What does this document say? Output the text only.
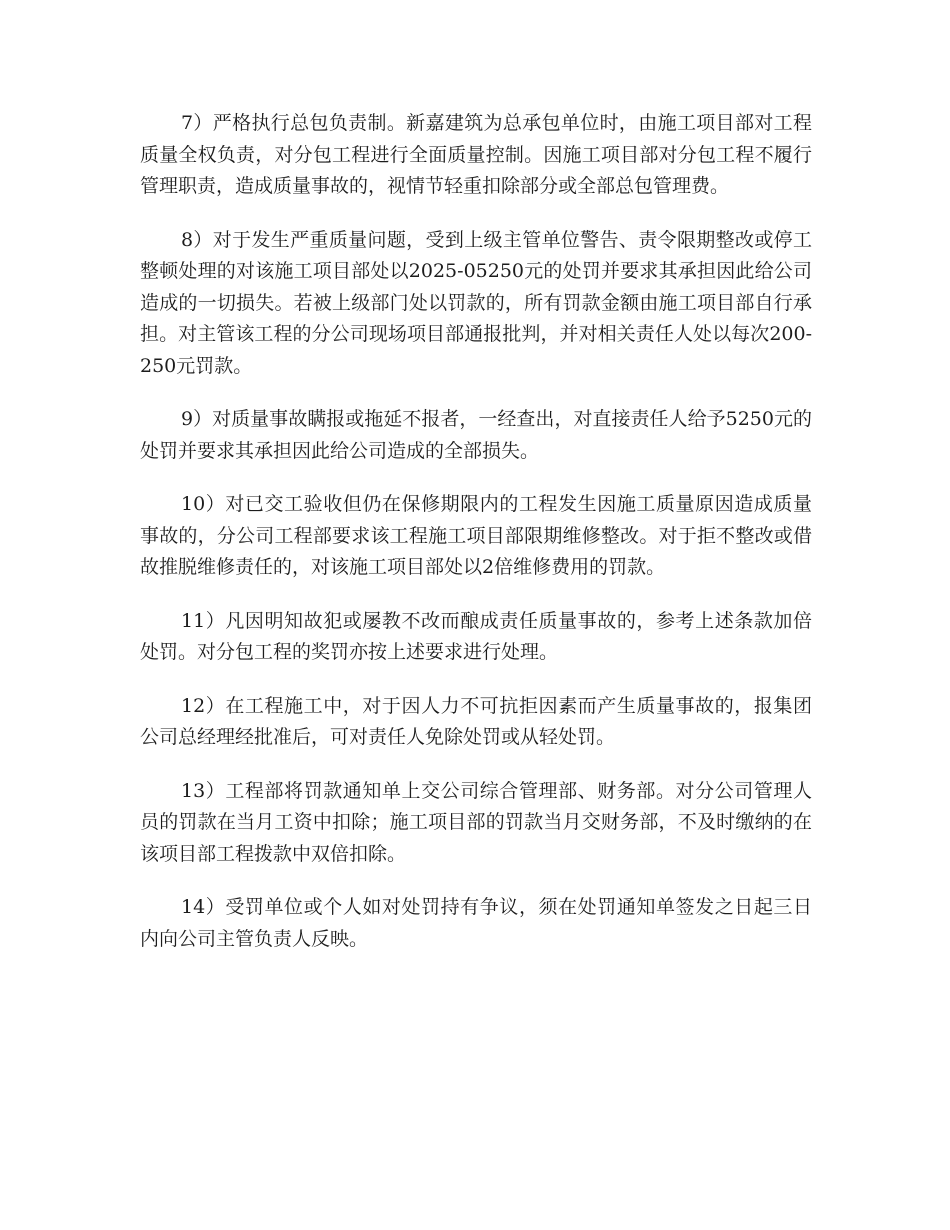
7）严格执行总包负责制。新嘉建筑为总承包单位时，由施工项目部对工程质量全权负责，对分包工程进行全面质量控制。因施工项目部对分包工程不履行管理职责，造成质量事故的，视情节轻重扣除部分或全部总包管理费。

8）对于发生严重质量问题，受到上级主管单位警告、责令限期整改或停工整顿处理的对该施工项目部处以2025-05250元的处罚并要求其承担因此给公司造成的一切损失。若被上级部门处以罚款的，所有罚款金额由施工项目部自行承担。对主管该工程的分公司现场项目部通报批判，并对相关责任人处以每次200-250元罚款。

9）对质量事故瞒报或拖延不报者，一经查出，对直接责任人给予5250元的处罚并要求其承担因此给公司造成的全部损失。

10）对已交工验收但仍在保修期限内的工程发生因施工质量原因造成质量事故的，分公司工程部要求该工程施工项目部限期维修整改。对于拒不整改或借故推脱维修责任的，对该施工项目部处以2倍维修费用的罚款。

11）凡因明知故犯或屡教不改而酿成责任质量事故的，参考上述条款加倍处罚。对分包工程的奖罚亦按上述要求进行处理。

12）在工程施工中，对于因人力不可抗拒因素而产生质量事故的，报集团公司总经理经批准后，可对责任人免除处罚或从轻处罚。

13）工程部将罚款通知单上交公司综合管理部、财务部。对分公司管理人员的罚款在当月工资中扣除；施工项目部的罚款当月交财务部，不及时缴纳的在该项目部工程拨款中双倍扣除。

14）受罚单位或个人如对处罚持有争议，须在处罚通知单签发之日起三日内向公司主管负责人反映。
